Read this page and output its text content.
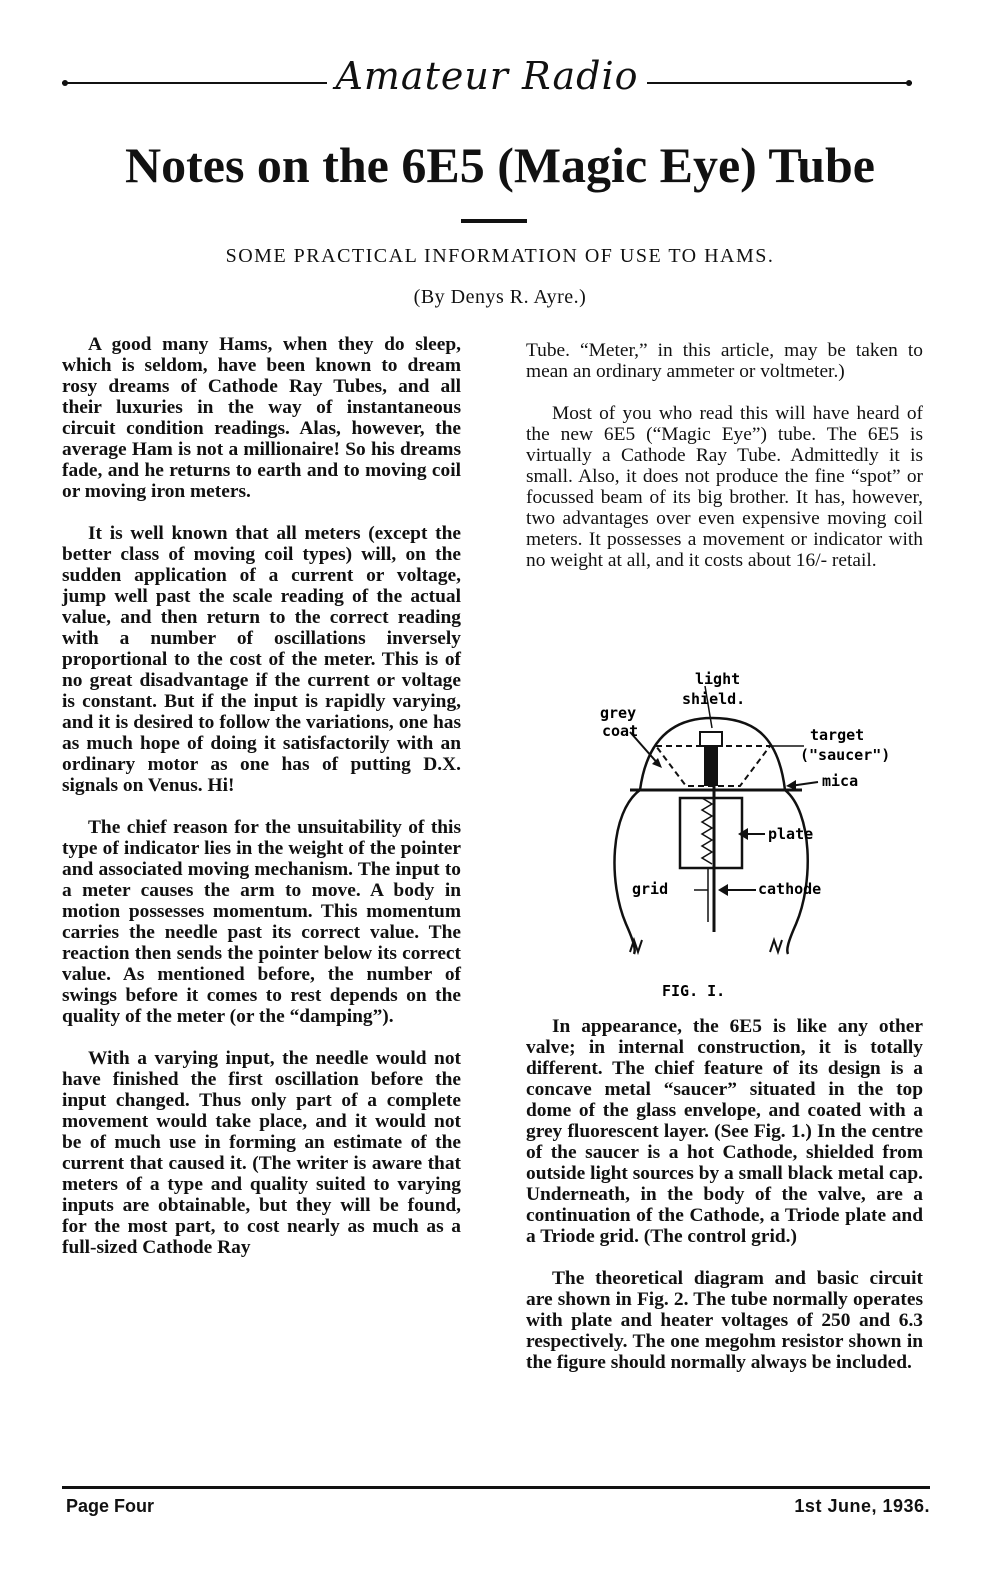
Amateur Radio
Notes on the 6E5 (Magic Eye) Tube
SOME PRACTICAL INFORMATION OF USE TO HAMS.
(By Denys R. Ayre.)

A good many Hams, when they do sleep, which is seldom, have been known to dream rosy dreams of Cathode Ray Tubes, and all their luxuries in the way of instantaneous circuit condition readings. Alas, however, the average Ham is not a millionaire! So his dreams fade, and he returns to earth and to moving coil or moving iron meters.

It is well known that all meters (except the better class of moving coil types) will, on the sudden application of a current or voltage, jump well past the scale reading of the actual value, and then return to the correct reading with a number of oscillations inversely proportional to the cost of the meter. This is of no great disadvantage if the current or voltage is constant. But if the input is rapidly varying, and it is desired to follow the variations, one has as much hope of doing it satisfactorily with an ordinary motor as one has of putting D.X. signals on Venus. Hi!

The chief reason for the unsuitability of this type of indicator lies in the weight of the pointer and associated moving mechanism. The input to a meter causes the arm to move. A body in motion possesses momentum. This momentum carries the needle past its correct value. The reaction then sends the pointer below its correct value. As mentioned before, the number of swings before it comes to rest depends on the quality of the meter (or the “damping”).

With a varying input, the needle would not have finished the first oscillation before the input changed. Thus only part of a complete movement would take place, and it would not be of much use in forming an estimate of the current that caused it. (The writer is aware that meters of a type and quality suited to varying inputs are obtainable, but they will be found, for the most part, to cost nearly as much as a full-sized Cathode Ray

Tube. “Meter,” in this article, may be taken to mean an ordinary ammeter or voltmeter.)

Most of you who read this will have heard of the new 6E5 (“Magic Eye”) tube. The 6E5 is virtually a Cathode Ray Tube. Admittedly it is small. Also, it does not produce the fine “spot” or focussed beam of its big brother. It has, however, two advantages over even expensive moving coil meters. It possesses a movement or indicator with no weight at all, and it costs about 16/- retail.

light
shield.
grey
coat	target
("saucer")
mica
plate
grid	cathode
FIG. I.

In appearance, the 6E5 is like any other valve; in internal construction, it is totally different. The chief feature of its design is a concave metal “saucer” situated in the top dome of the glass envelope, and coated with a grey fluorescent layer. (See Fig. 1.) In the centre of the saucer is a hot Cathode, shielded from outside light sources by a small black metal cap. Underneath, in the body of the valve, are a continuation of the Cathode, a Triode plate and a Triode grid. (The control grid.)

The theoretical diagram and basic circuit are shown in Fig. 2. The tube normally operates with plate and heater voltages of 250 and 6.3 respectively. The one megohm resistor shown in the figure should normally always be included.

Page Four	1st June, 1936.
